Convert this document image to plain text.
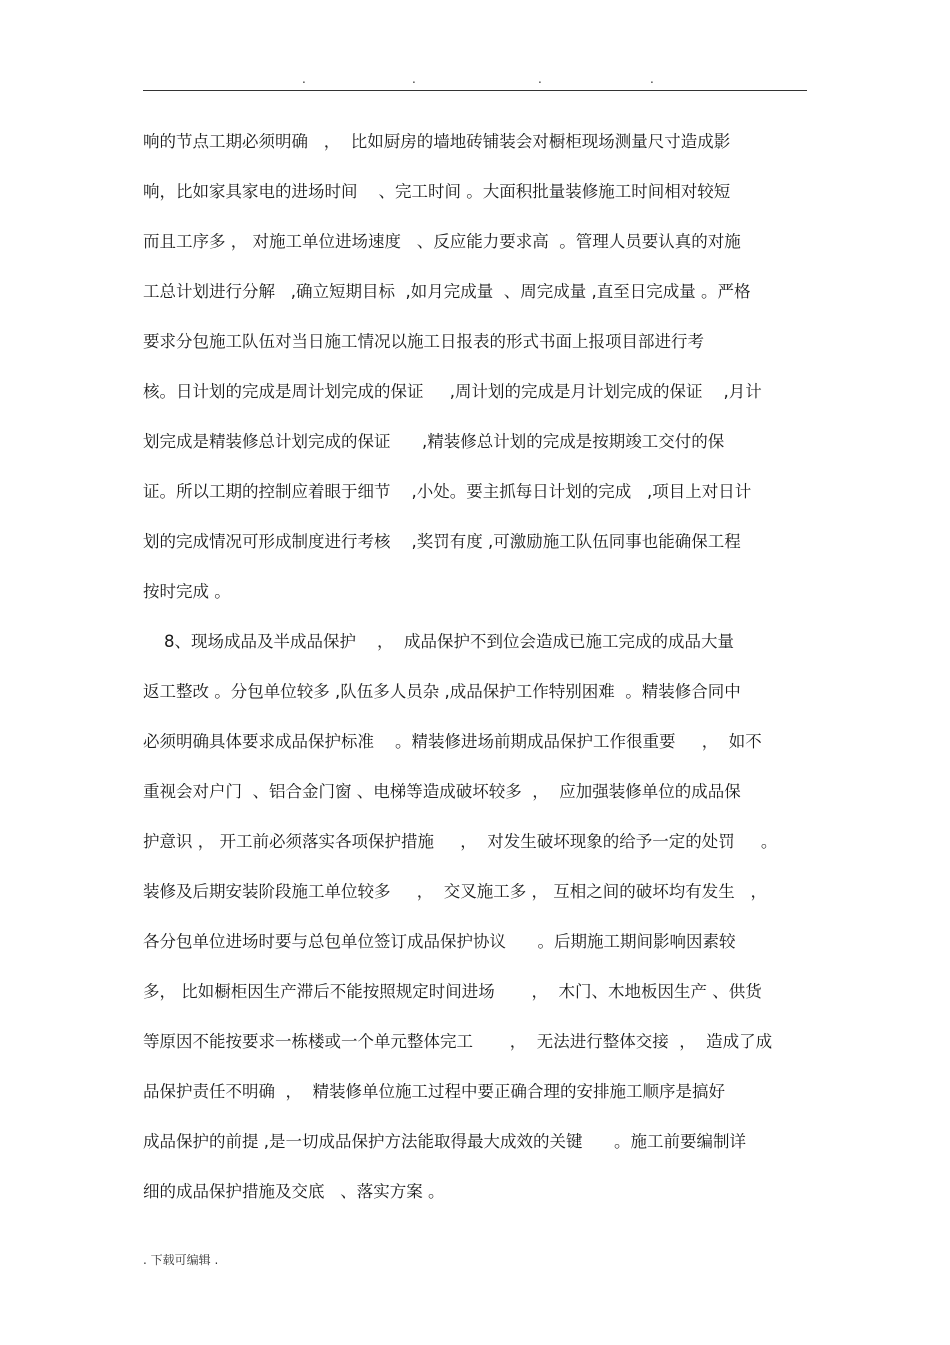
.	.	.	.
响的节点工期必须明确   ，  比如厨房的墙地砖铺装会对橱柜现场测量尺寸造成影
响，比如家具家电的进场时间    、完工时间 。大面积批量装修施工时间相对较短
而且工序多 ， 对施工单位进场速度   、反应能力要求高  。管理人员要认真的对施
工总计划进行分解   ,确立短期目标  ,如月完成量  、周完成量 ,直至日完成量 。严格
要求分包施工队伍对当日施工情况以施工日报表的形式书面上报项目部进行考
核。日计划的完成是周计划完成的保证     ,周计划的完成是月计划完成的保证    ,月计
划完成是精装修总计划完成的保证      ,精装修总计划的完成是按期竣工交付的保
证。所以工期的控制应着眼于细节    ,小处。要主抓每日计划的完成   ,项目上对日计
划的完成情况可形成制度进行考核    ,奖罚有度 ,可激励施工队伍同事也能确保工程
按时完成 。
8、现场成品及半成品保护    ，  成品保护不到位会造成已施工完成的成品大量
返工整改 。分包单位较多 ,队伍多人员杂 ,成品保护工作特别困难  。精装修合同中
必须明确具体要求成品保护标准    。精装修进场前期成品保护工作很重要     ，  如不
重视会对户门  、铝合金门窗 、电梯等造成破坏较多  ，  应加强装修单位的成品保
护意识 ， 开工前必须落实各项保护措施     ，  对发生破坏现象的给予一定的处罚     。
装修及后期安装阶段施工单位较多     ，  交叉施工多 ， 互相之间的破坏均有发生   ，
各分包单位进场时要与总包单位签订成品保护协议      。后期施工期间影响因素较
多， 比如橱柜因生产滞后不能按照规定时间进场       ，  木门、木地板因生产 、供货
等原因不能按要求一栋楼或一个单元整体完工       ，  无法进行整体交接  ，  造成了成
品保护责任不明确  ，  精装修单位施工过程中要正确合理的安排施工顺序是搞好
成品保护的前提 ,是一切成品保护方法能取得最大成效的关键      。施工前要编制详
细的成品保护措施及交底   、落实方案 。
. 下载可编辑 .
